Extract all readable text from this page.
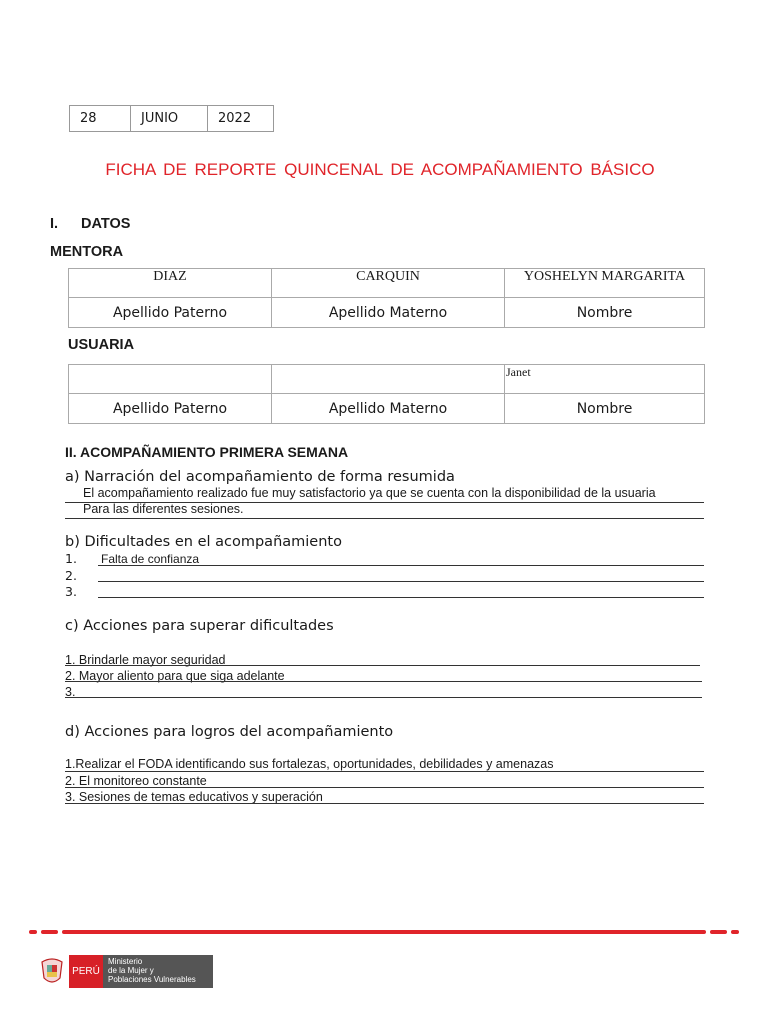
28	JUNIO	2022
FICHA DE REPORTE QUINCENAL DE ACOMPAÑAMIENTO BÁSICO
I. DATOS
MENTORA
DIAZ	CARQUIN	YOSHELYN MARGARITA
Apellido Paterno	Apellido Materno	Nombre
USUARIA
		Janet
Apellido Paterno	Apellido Materno	Nombre
II. ACOMPAÑAMIENTO PRIMERA SEMANA
a) Narración del acompañamiento de forma resumida
El acompañamiento realizado fue muy satisfactorio ya que se cuenta con la disponibilidad de la usuaria
Para las diferentes sesiones.
b) Dificultades en el acompañamiento
1. Falta de confianza
2.
3.
c) Acciones para superar dificultades
1. Brindarle mayor seguridad
2. Mayor aliento para que siga adelante
3.
d) Acciones para logros del acompañamiento
1.Realizar el FODA identificando sus fortalezas, oportunidades, debilidades y amenazas
2. El monitoreo constante
3. Sesiones de temas educativos y superación
PERÚ
Ministerio
de la Mujer y
Poblaciones Vulnerables
